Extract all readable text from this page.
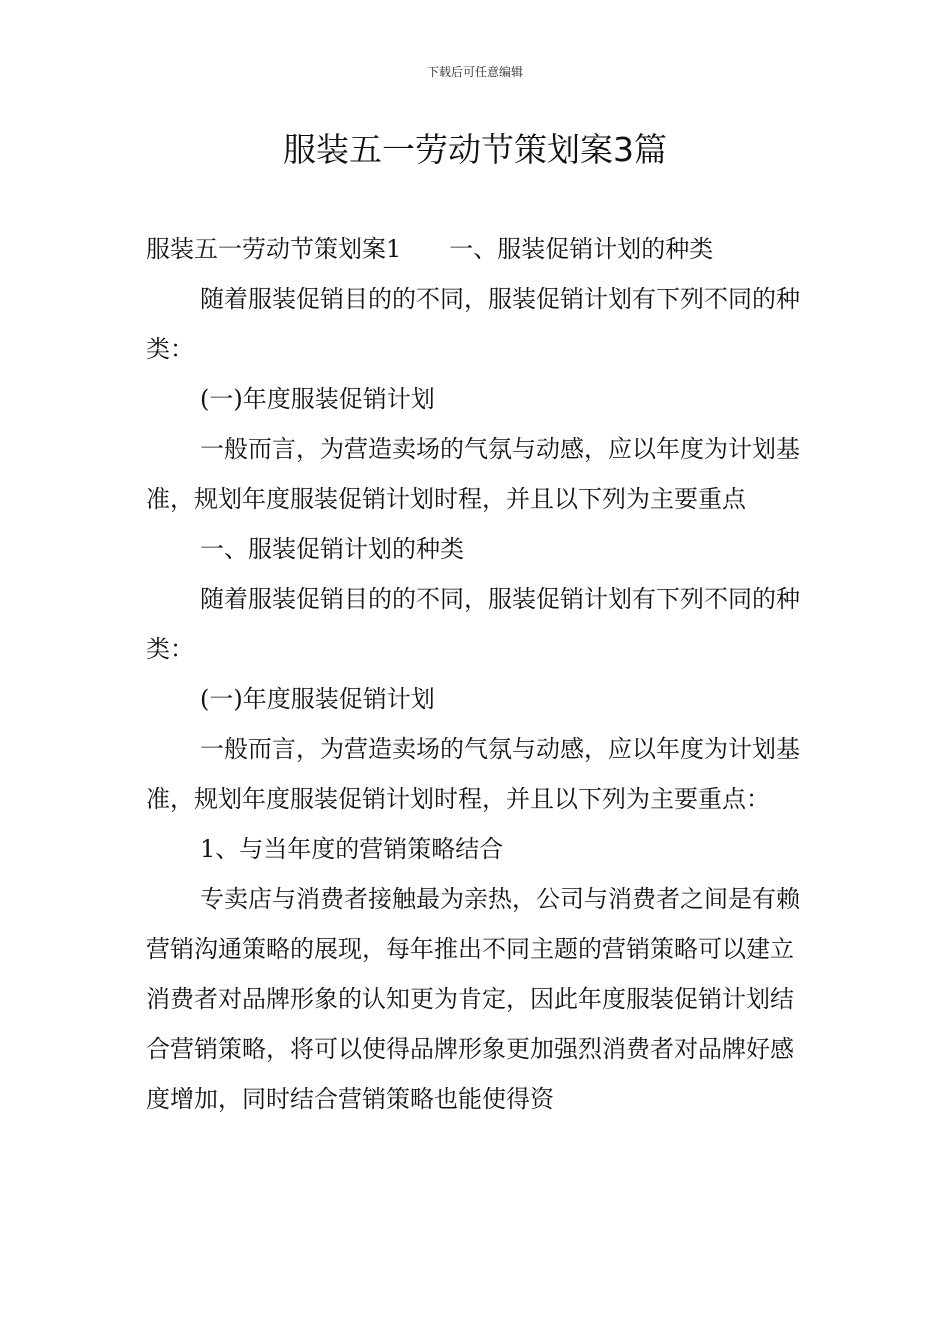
下载后可任意编辑
服装五一劳动节策划案3篇

服装五一劳动节策划案1　　一、服装促销计划的种类

随着服装促销目的的不同，服装促销计划有下列不同的种类：

(一)年度服装促销计划

一般而言，为营造卖场的气氛与动感，应以年度为计划基准，规划年度服装促销计划时程，并且以下列为主要重点

一、服装促销计划的种类

随着服装促销目的的不同，服装促销计划有下列不同的种类：

(一)年度服装促销计划

一般而言，为营造卖场的气氛与动感，应以年度为计划基准，规划年度服装促销计划时程，并且以下列为主要重点：

1、与当年度的营销策略结合

专卖店与消费者接触最为亲热，公司与消费者之间是有赖营销沟通策略的展现，每年推出不同主题的营销策略可以建立消费者对品牌形象的认知更为肯定，因此年度服装促销计划结合营销策略，将可以使得品牌形象更加强烈消费者对品牌好感度增加，同时结合营销策略也能使得资
